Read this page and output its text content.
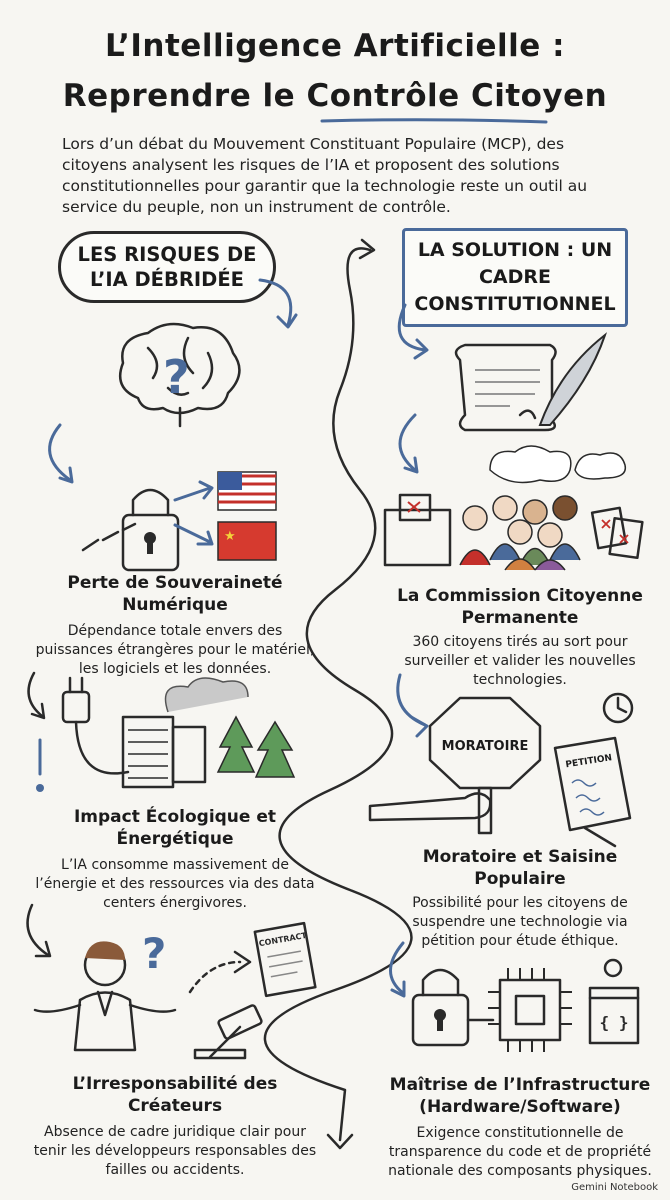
L’Intelligence Artificielle :
Reprendre le Contrôle Citoyen
Lors d’un débat du Mouvement Constituant Populaire (MCP), des citoyens analysent les risques de l’IA et proposent des solutions constitutionnelles pour garantir que la technologie reste un outil au service du peuple, non un instrument de contrôle.
LES RISQUES DE L’IA DÉBRIDÉE
LA SOLUTION : UN CADRE CONSTITUTIONNEL
?
★
Perte de Souveraineté Numérique
Dépendance totale envers des puissances étrangères pour le matériel, les logiciels et les données.
Impact Écologique et Énergétique
L’IA consomme massivement de l’énergie et des ressources via des data centers énergivores.
?	CONTRACT
L’Irresponsabilité des Créateurs
Absence de cadre juridique clair pour tenir les développeurs responsables des failles ou accidents.
La Commission Citoyenne Permanente
360 citoyens tirés au sort pour surveiller et valider les nouvelles technologies.
MORATOIRE
PETITION
Moratoire et Saisine Populaire
Possibilité pour les citoyens de suspendre une technologie via pétition pour étude éthique.
{ }
Maîtrise de l’Infrastructure (Hardware/Software)
Exigence constitutionnelle de transparence du code et de propriété nationale des composants physiques.
Gemini Notebook
